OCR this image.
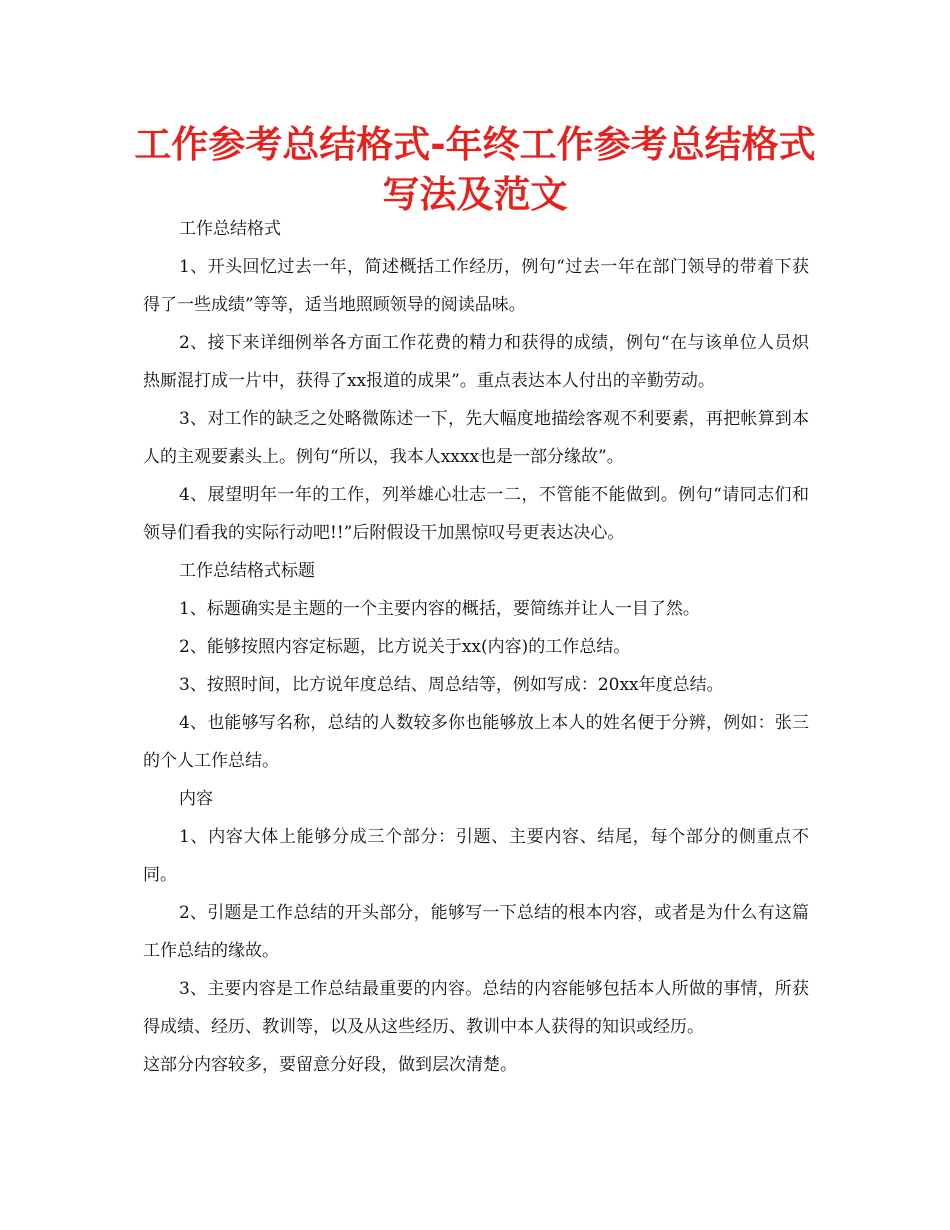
工作参考总结格式-年终工作参考总结格式写法及范文

工作总结格式

1、开头回忆过去一年，简述概括工作经历，例句“过去一年在部门领导的带着下获得了一些成绩”等等，适当地照顾领导的阅读品味。

2、接下来详细例举各方面工作花费的精力和获得的成绩，例句“在与该单位人员炽热厮混打成一片中，获得了xx报道的成果”。重点表达本人付出的辛勤劳动。

3、对工作的缺乏之处略微陈述一下，先大幅度地描绘客观不利要素，再把帐算到本人的主观要素头上。例句“所以，我本人xxxx也是一部分缘故”。

4、展望明年一年的工作，列举雄心壮志一二，不管能不能做到。例句“请同志们和领导们看我的实际行动吧!!”后附假设干加黑惊叹号更表达决心。

工作总结格式标题

1、标题确实是主题的一个主要内容的概括，要简练并让人一目了然。

2、能够按照内容定标题，比方说关于xx(内容)的工作总结。

3、按照时间，比方说年度总结、周总结等，例如写成：20xx年度总结。

4、也能够写名称，总结的人数较多你也能够放上本人的姓名便于分辨，例如：张三的个人工作总结。

内容

1、内容大体上能够分成三个部分：引题、主要内容、结尾，每个部分的侧重点不同。

2、引题是工作总结的开头部分，能够写一下总结的根本内容，或者是为什么有这篇工作总结的缘故。

3、主要内容是工作总结最重要的内容。总结的内容能够包括本人所做的事情，所获得成绩、经历、教训等，以及从这些经历、教训中本人获得的知识或经历。

这部分内容较多，要留意分好段，做到层次清楚。
